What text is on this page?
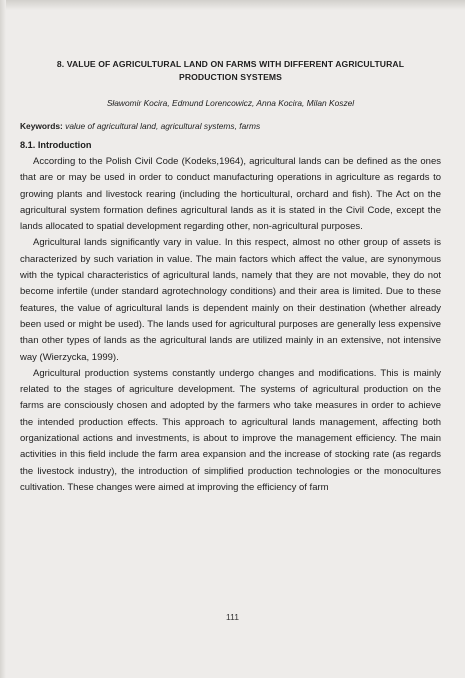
8. VALUE OF AGRICULTURAL LAND ON FARMS WITH DIFFERENT AGRICULTURAL
PRODUCTION SYSTEMS

Sławomir Kocira, Edmund Lorencowicz, Anna Kocira, Milan Koszel

Keywords: value of agricultural land, agricultural systems, farms

8.1. Introduction

According to the Polish Civil Code (Kodeks,1964), agricultural lands can be defined as the ones that are or may be used in order to conduct manufacturing operations in agriculture as regards to growing plants and livestock rearing (including the horticultural, orchard and fish). The Act on the agricultural system formation defines agricultural lands as it is stated in the Civil Code, except the lands allocated to spatial development regarding other, non-agricultural purposes.

Agricultural lands significantly vary in value. In this respect, almost no other group of assets is characterized by such variation in value. The main factors which affect the value, are synonymous with the typical characteristics of agricultural lands, namely that they are not movable, they do not become infertile (under standard agrotechnology conditions) and their area is limited. Due to these features, the value of agricultural lands is dependent mainly on their destination (whether already been used or might be used). The lands used for agricultural purposes are generally less expensive than other types of lands as the agricultural lands are utilized mainly in an extensive, not intensive way (Wierzycka, 1999).

Agricultural production systems constantly undergo changes and modifications. This is mainly related to the stages of agriculture development. The systems of agricultural production on the farms are consciously chosen and adopted by the farmers who take measures in order to achieve the intended production effects. This approach to agricultural lands management, affecting both organizational actions and investments, is about to improve the management efficiency. The main activities in this field include the farm area expansion and the increase of stocking rate (as regards the livestock industry), the introduction of simplified production technologies or the monocultures cultivation. These changes were aimed at improving the efficiency of farm

111
